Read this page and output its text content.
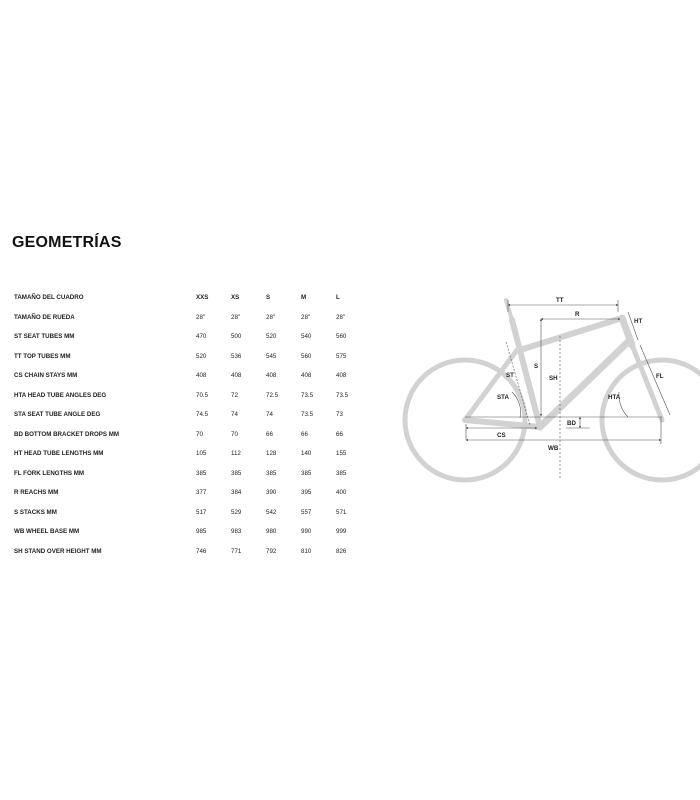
GEOMETRÍAS
TAMAÑO DEL CUADRO	XXS	XS	S	M	L
TAMAÑO DE RUEDA	28"	28"	28"	28"	28"
ST SEAT TUBES MM	470	500	520	540	560
TT TOP TUBES MM	520	536	545	560	575
CS CHAIN STAYS MM	408	408	408	408	408
HTA HEAD TUBE ANGLES DEG	70.5	72	72.5	73.5	73.5
STA SEAT TUBE ANGLE DEG	74.5	74	74	73.5	73
BD BOTTOM BRACKET DROPS MM	70	70	66	66	66
HT HEAD TUBE LENGTHS MM	105	112	128	140	155
FL FORK LENGTHS MM	385	385	385	385	385
R REACHS MM	377	384	390	395	400
S STACKS MM	517	529	542	557	571
WB WHEEL BASE MM	985	983	980	990	999
SH STAND OVER HEIGHT MM	746	771	792	810	826
TT
R
HT
ST
S
SH
STA	HTA
FL
BD
CS
WB
